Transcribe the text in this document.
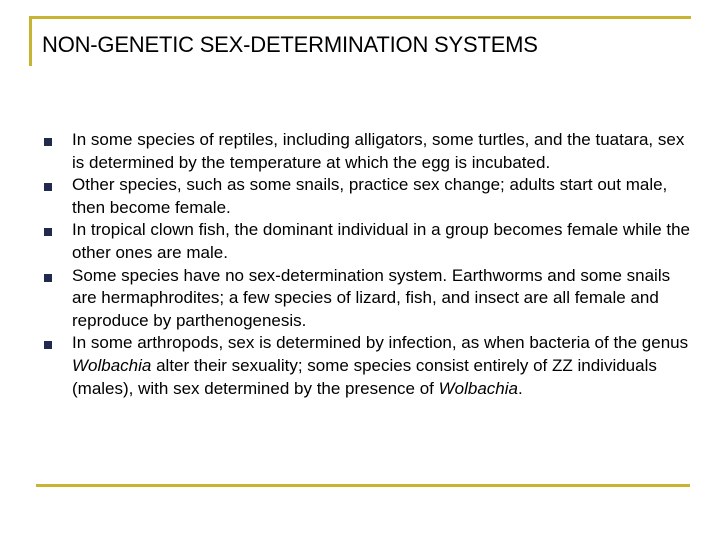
NON-GENETIC SEX-DETERMINATION SYSTEMS
In some species of reptiles, including alligators, some turtles, and the tuatara, sex is determined by the temperature at which the egg is incubated.
Other species, such as some snails, practice sex change; adults start out male, then become female.
In tropical clown fish, the dominant individual in a group becomes female while the other ones are male.
Some species have no sex-determination system. Earthworms and some snails are hermaphrodites; a few species of lizard, fish, and insect are all female and reproduce by parthenogenesis.
In some arthropods, sex is determined by infection, as when bacteria of the genus Wolbachia alter their sexuality; some species consist entirely of ZZ individuals (males), with sex determined by the presence of Wolbachia.
